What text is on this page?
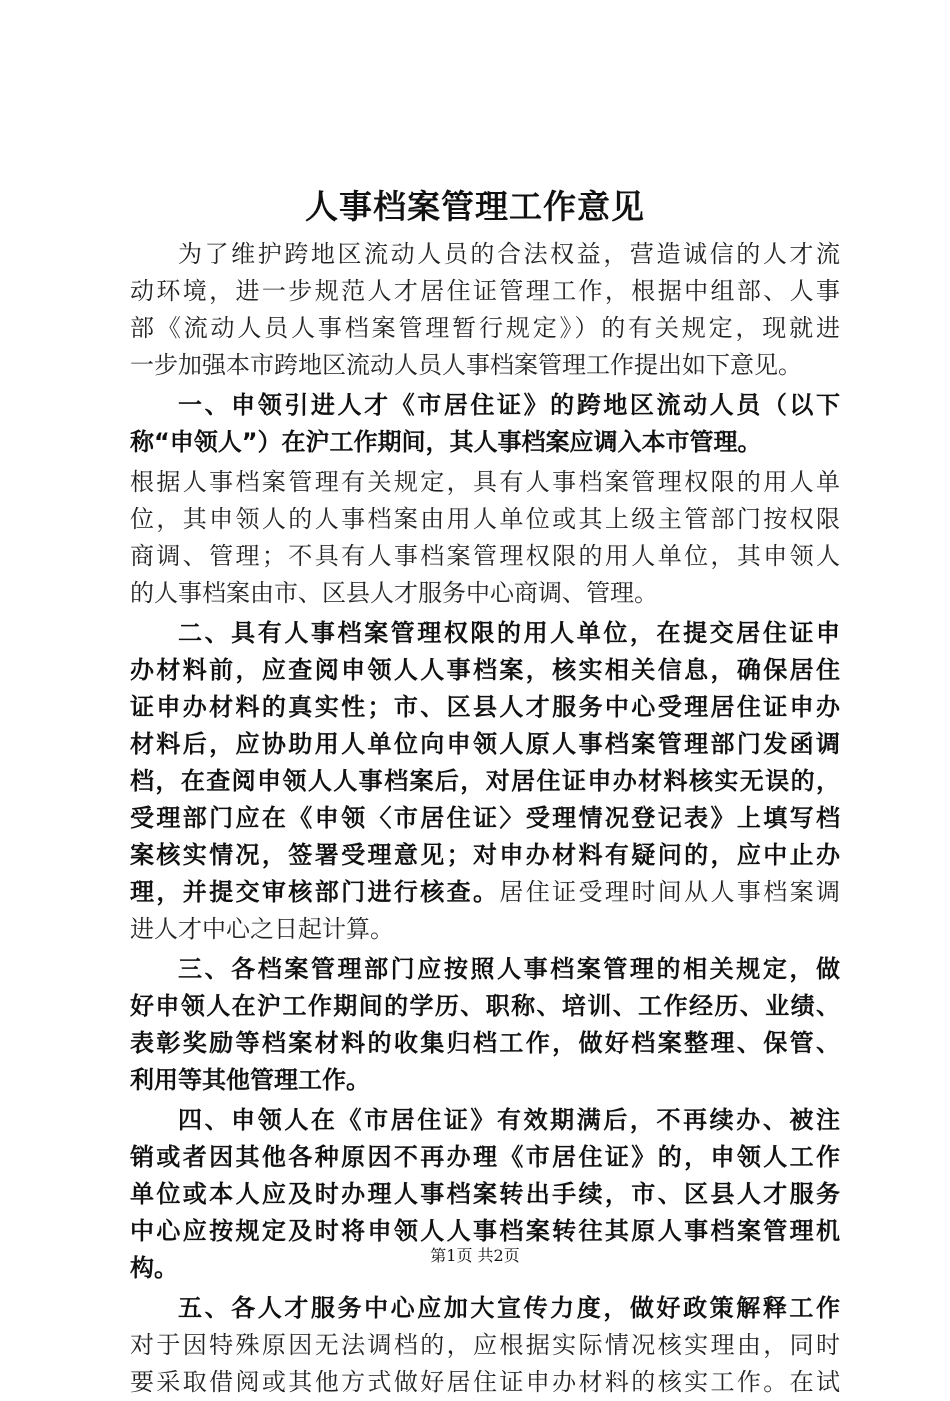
人事档案管理工作意见
为了维护跨地区流动人员的合法权益，营造诚信的人才流
动环境，进一步规范人才居住证管理工作，根据中组部、人事
部《流动人员人事档案管理暂行规定》）的有关规定，现就进
一步加强本市跨地区流动人员人事档案管理工作提出如下意见。
一、申领引进人才《市居住证》的跨地区流动人员（以下
称“申领人”）在沪工作期间，其人事档案应调入本市管理。
根据人事档案管理有关规定，具有人事档案管理权限的用人单
位，其申领人的人事档案由用人单位或其上级主管部门按权限
商调、管理；不具有人事档案管理权限的用人单位，其申领人
的人事档案由市、区县人才服务中心商调、管理。
二、具有人事档案管理权限的用人单位，在提交居住证申
办材料前，应查阅申领人人事档案，核实相关信息，确保居住
证申办材料的真实性；市、区县人才服务中心受理居住证申办
材料后，应协助用人单位向申领人原人事档案管理部门发函调
档，在查阅申领人人事档案后，对居住证申办材料核实无误的，
受理部门应在《申领〈市居住证〉受理情况登记表》上填写档
案核实情况，签署受理意见；对申办材料有疑问的，应中止办
理，并提交审核部门进行核查。居住证受理时间从人事档案调
进人才中心之日起计算。
三、各档案管理部门应按照人事档案管理的相关规定，做
好申领人在沪工作期间的学历、职称、培训、工作经历、业绩、
表彰奖励等档案材料的收集归档工作，做好档案整理、保管、
利用等其他管理工作。
四、申领人在《市居住证》有效期满后，不再续办、被注
销或者因其他各种原因不再办理《市居住证》的，申领人工作
单位或本人应及时办理人事档案转出手续，市、区县人才服务
中心应按规定及时将申领人人事档案转往其原人事档案管理机
构。
五、各人才服务中心应加大宣传力度，做好政策解释工作
对于因特殊原因无法调档的，应根据实际情况核实理由，同时
要采取借阅或其他方式做好居住证申办材料的核实工作。在试
第1页 共2页
